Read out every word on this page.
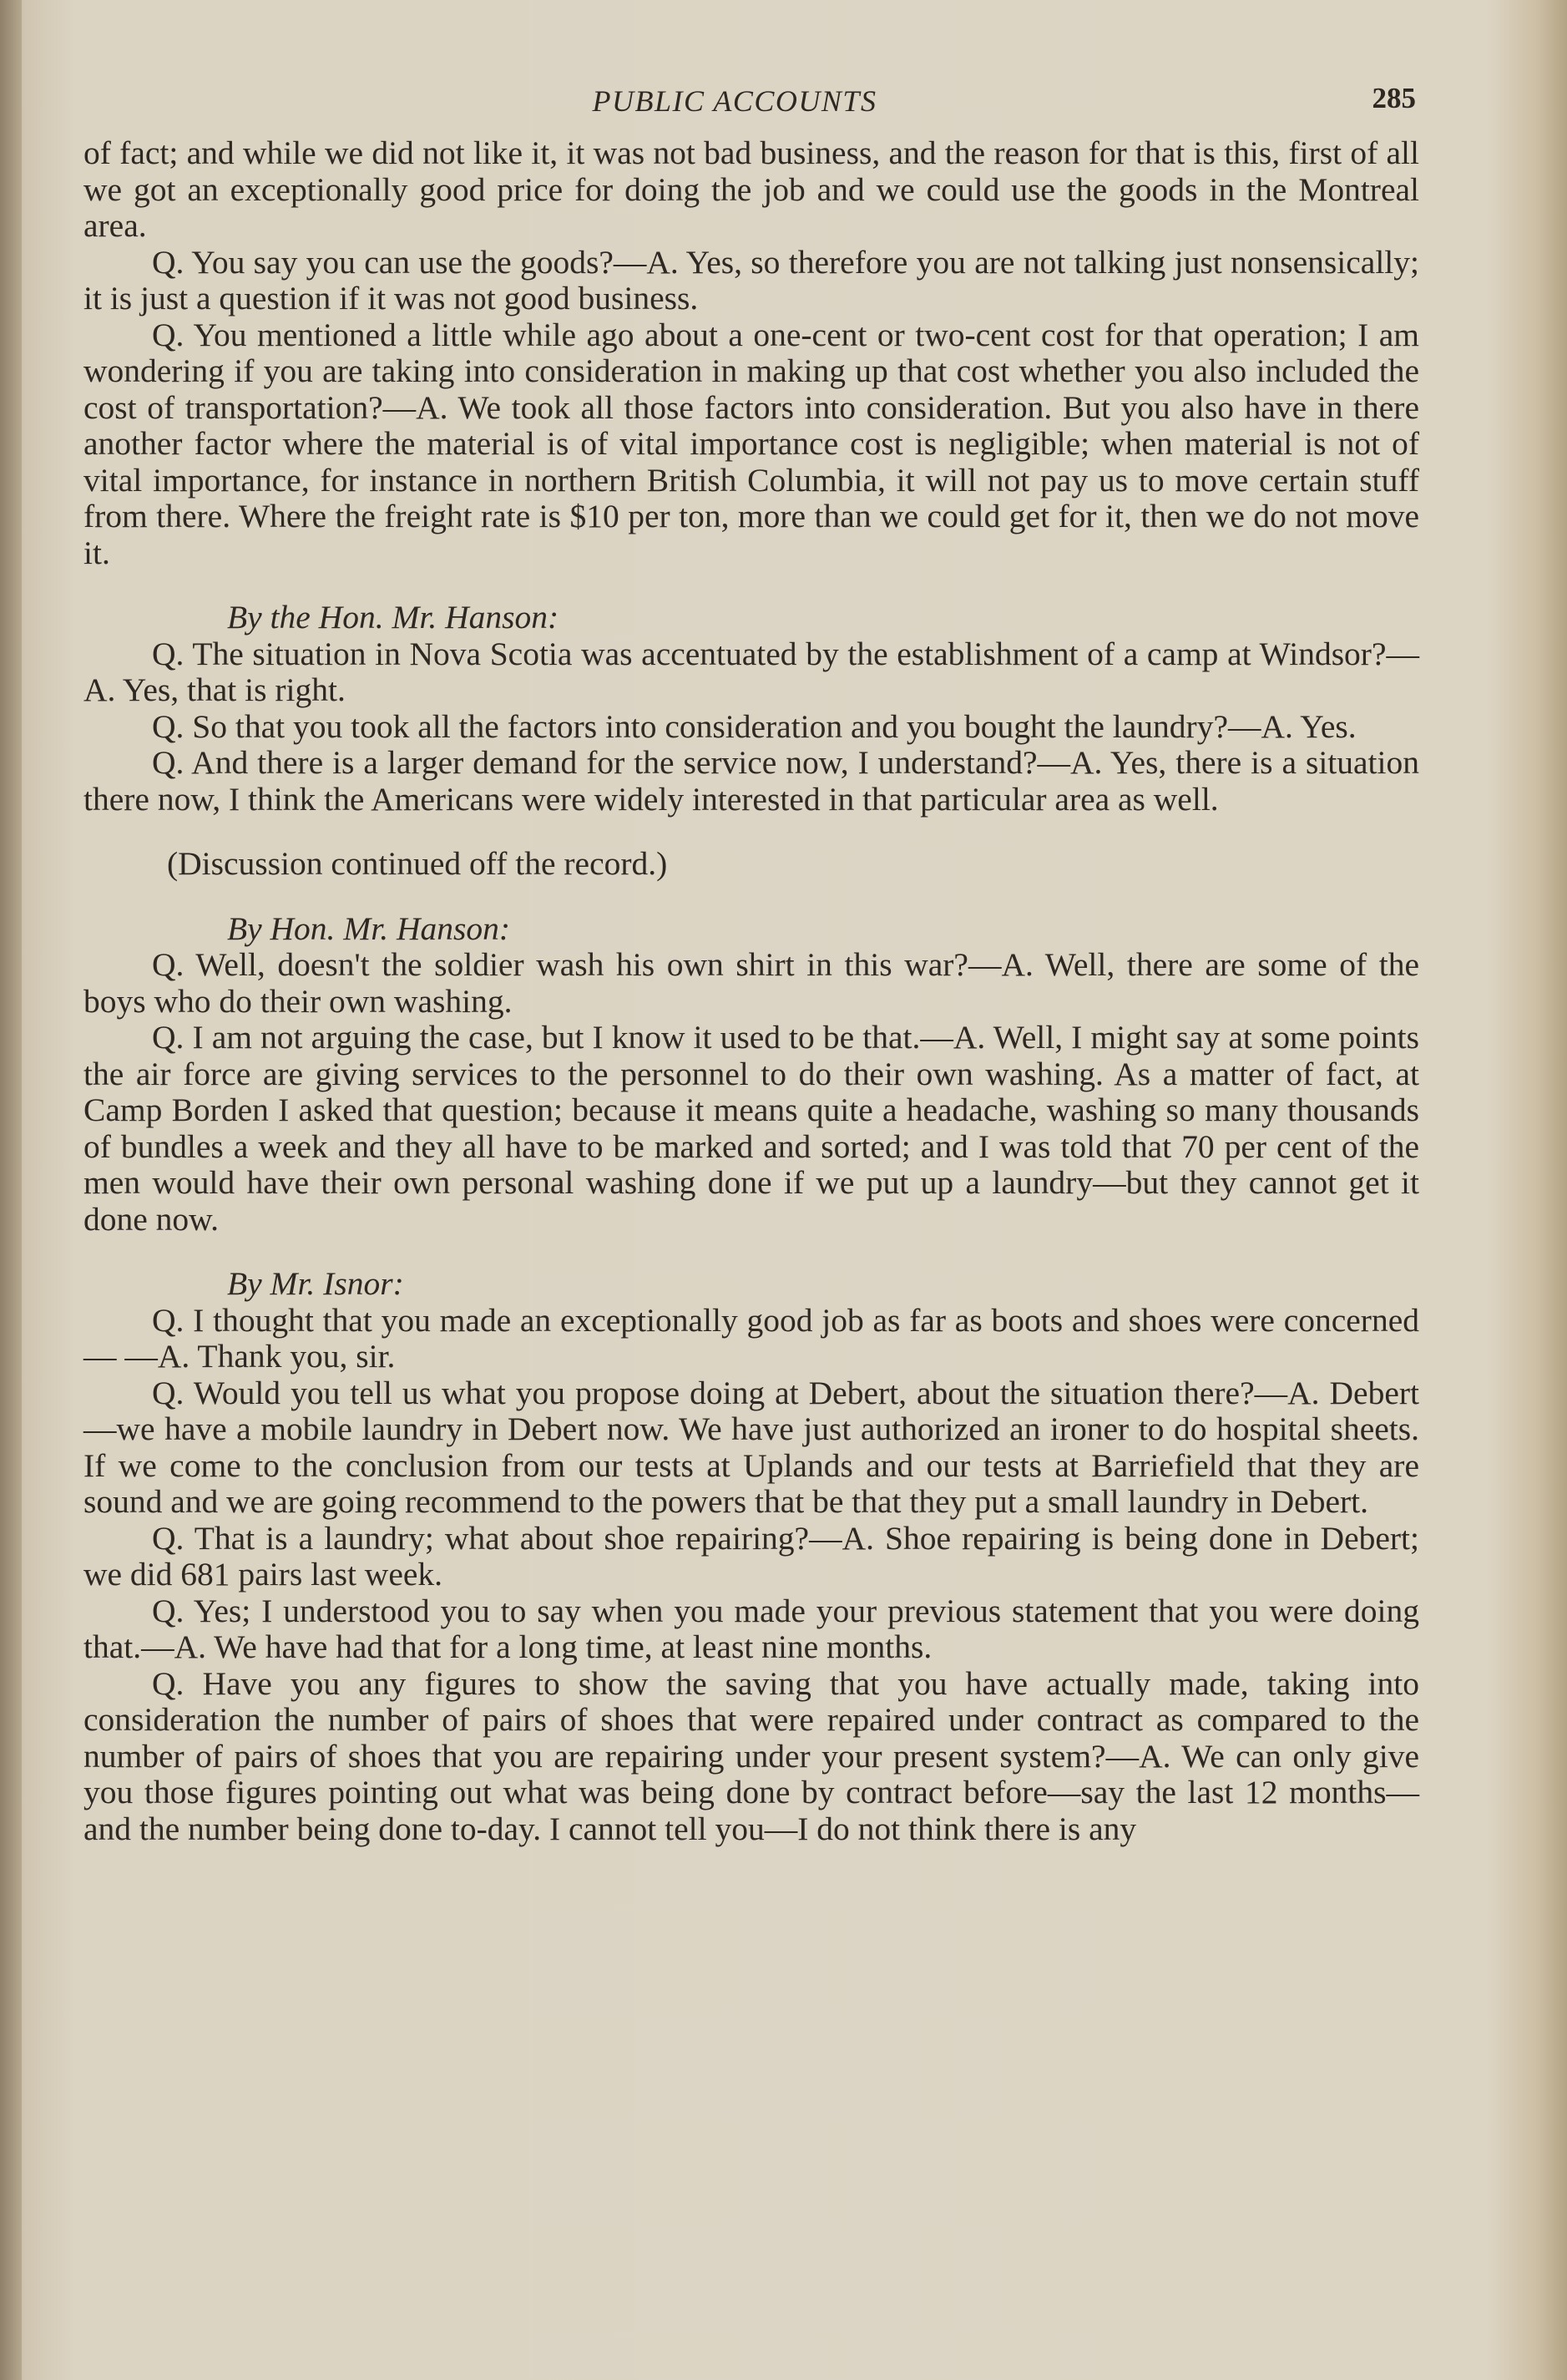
PUBLIC ACCOUNTS	285

of fact; and while we did not like it, it was not bad business, and the reason for that is this, first of all we got an exceptionally good price for doing the job and we could use the goods in the Montreal area.

Q. You say you can use the goods?—A. Yes, so therefore you are not talking just nonsensically; it is just a question if it was not good business.

Q. You mentioned a little while ago about a one-cent or two-cent cost for that operation; I am wondering if you are taking into consideration in making up that cost whether you also included the cost of transportation?—A. We took all those factors into consideration. But you also have in there another factor where the material is of vital importance cost is negligible; when material is not of vital importance, for instance in northern British Columbia, it will not pay us to move certain stuff from there. Where the freight rate is $10 per ton, more than we could get for it, then we do not move it.

By the Hon. Mr. Hanson:

Q. The situation in Nova Scotia was accentuated by the establishment of a camp at Windsor?—A. Yes, that is right.

Q. So that you took all the factors into consideration and you bought the laundry?—A. Yes.

Q. And there is a larger demand for the service now, I understand?—A. Yes, there is a situation there now, I think the Americans were widely interested in that particular area as well.

(Discussion continued off the record.)

By Hon. Mr. Hanson:

Q. Well, doesn't the soldier wash his own shirt in this war?—A. Well, there are some of the boys who do their own washing.

Q. I am not arguing the case, but I know it used to be that.—A. Well, I might say at some points the air force are giving services to the personnel to do their own washing. As a matter of fact, at Camp Borden I asked that question; because it means quite a headache, washing so many thousands of bundles a week and they all have to be marked and sorted; and I was told that 70 per cent of the men would have their own personal washing done if we put up a laundry—but they cannot get it done now.

By Mr. Isnor:

Q. I thought that you made an exceptionally good job as far as boots and shoes were concerned— —A. Thank you, sir.

Q. Would you tell us what you propose doing at Debert, about the situation there?—A. Debert—we have a mobile laundry in Debert now. We have just authorized an ironer to do hospital sheets. If we come to the conclusion from our tests at Uplands and our tests at Barriefield that they are sound and we are going recommend to the powers that be that they put a small laundry in Debert.

Q. That is a laundry; what about shoe repairing?—A. Shoe repairing is being done in Debert; we did 681 pairs last week.

Q. Yes; I understood you to say when you made your previous statement that you were doing that.—A. We have had that for a long time, at least nine months.

Q. Have you any figures to show the saving that you have actually made, taking into consideration the number of pairs of shoes that were repaired under contract as compared to the number of pairs of shoes that you are repairing under your present system?—A. We can only give you those figures pointing out what was being done by contract before—say the last 12 months—and the number being done to-day. I cannot tell you—I do not think there is any
